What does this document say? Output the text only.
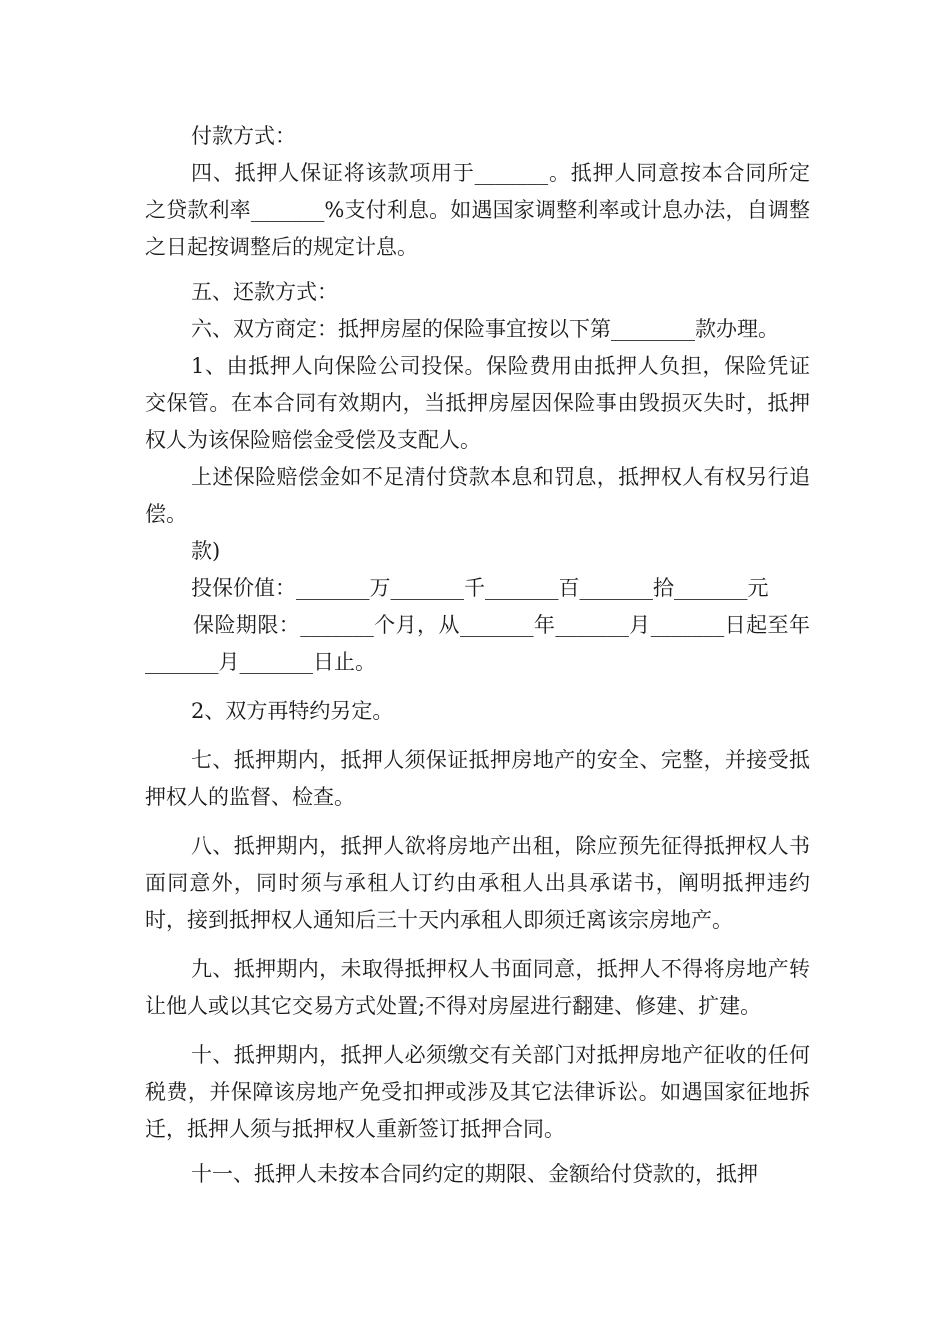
付款方式：

四、抵押人保证将该款项用于_______。抵押人同意按本合同所定之贷款利率_______%支付利息。如遇国家调整利率或计息办法，自调整之日起按调整后的规定计息。

五、还款方式：

六、双方商定：抵押房屋的保险事宜按以下第________款办理。

1、由抵押人向保险公司投保。保险费用由抵押人负担，保险凭证交保管。在本合同有效期内，当抵押房屋因保险事由毁损灭失时，抵押权人为该保险赔偿金受偿及支配人。

上述保险赔偿金如不足清付贷款本息和罚息，抵押权人有权另行追偿。

款)

投保价值：_______万_______千_______百_______拾_______元

保险期限：_______个月，从_______年_______月_______日起至年_______月_______日止。

2、双方再特约另定。

七、抵押期内，抵押人须保证抵押房地产的安全、完整，并接受抵押权人的监督、检查。

八、抵押期内，抵押人欲将房地产出租，除应预先征得抵押权人书面同意外，同时须与承租人订约由承租人出具承诺书，阐明抵押违约时，接到抵押权人通知后三十天内承租人即须迁离该宗房地产。

九、抵押期内，未取得抵押权人书面同意，抵押人不得将房地产转让他人或以其它交易方式处置;不得对房屋进行翻建、修建、扩建。

十、抵押期内，抵押人必须缴交有关部门对抵押房地产征收的任何税费，并保障该房地产免受扣押或涉及其它法律诉讼。如遇国家征地拆迁，抵押人须与抵押权人重新签订抵押合同。

十一、抵押人未按本合同约定的期限、金额给付贷款的，抵押
